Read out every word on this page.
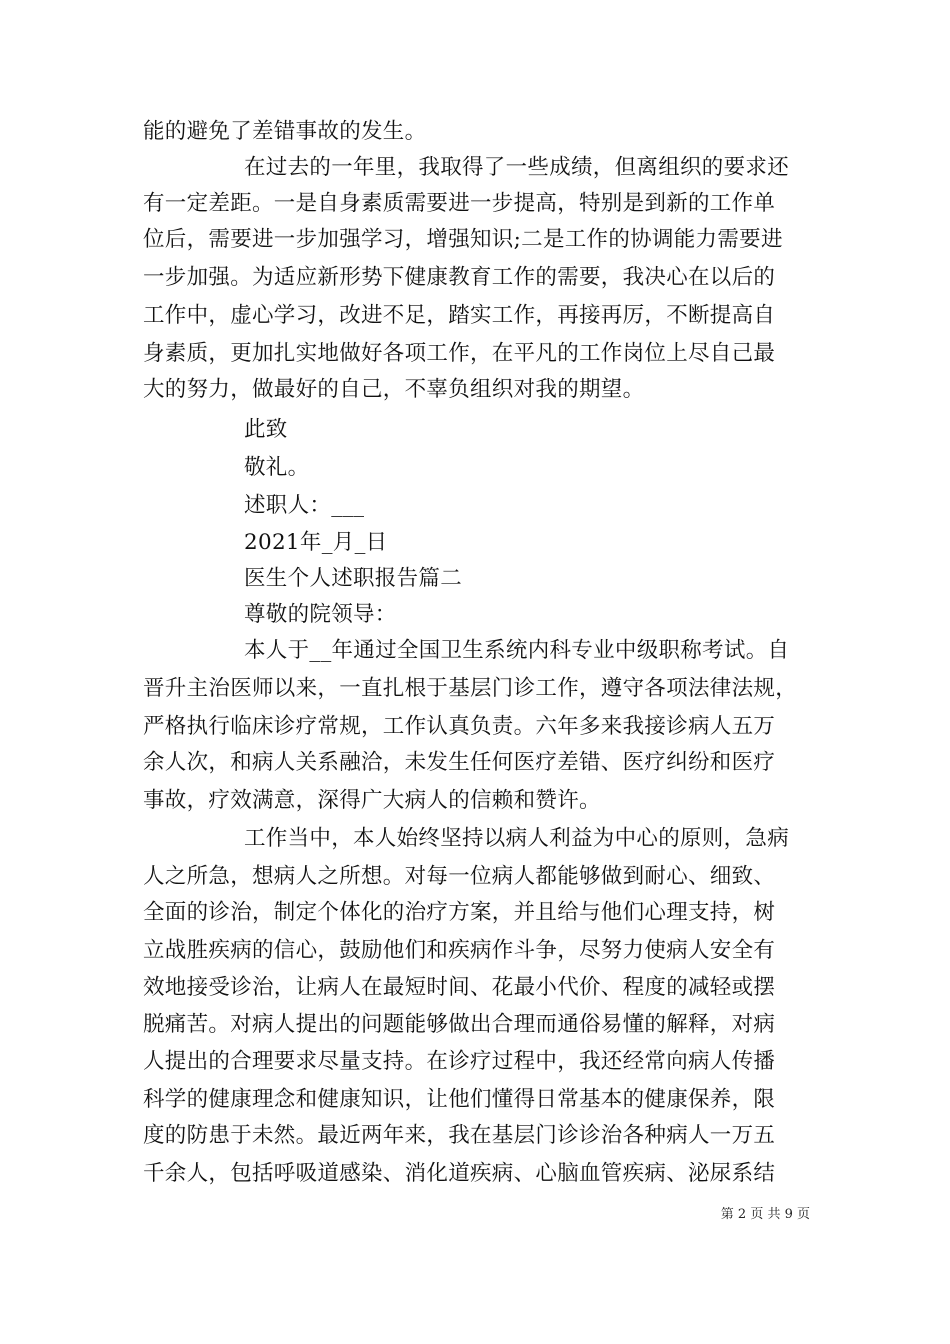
能的避免了差错事故的发生。
在过去的一年里，我取得了一些成绩，但离组织的要求还
有一定差距。一是自身素质需要进一步提高，特别是到新的工作单
位后，需要进一步加强学习，增强知识;二是工作的协调能力需要进
一步加强。为适应新形势下健康教育工作的需要，我决心在以后的
工作中，虚心学习，改进不足，踏实工作，再接再厉，不断提高自
身素质，更加扎实地做好各项工作，在平凡的工作岗位上尽自己最
大的努力，做最好的自己，不辜负组织对我的期望。
此致
敬礼。
述职人：___
2021年_月_日
医生个人述职报告篇二
尊敬的院领导：
本人于__年通过全国卫生系统内科专业中级职称考试。自
晋升主治医师以来，一直扎根于基层门诊工作，遵守各项法律法规，
严格执行临床诊疗常规，工作认真负责。六年多来我接诊病人五万
余人次，和病人关系融洽，未发生任何医疗差错、医疗纠纷和医疗
事故，疗效满意，深得广大病人的信赖和赞许。
工作当中，本人始终坚持以病人利益为中心的原则，急病
人之所急，想病人之所想。对每一位病人都能够做到耐心、细致、
全面的诊治，制定个体化的治疗方案，并且给与他们心理支持，树
立战胜疾病的信心，鼓励他们和疾病作斗争，尽努力使病人安全有
效地接受诊治，让病人在最短时间、花最小代价、程度的减轻或摆
脱痛苦。对病人提出的问题能够做出合理而通俗易懂的解释，对病
人提出的合理要求尽量支持。在诊疗过程中，我还经常向病人传播
科学的健康理念和健康知识，让他们懂得日常基本的健康保养，限
度的防患于未然。最近两年来，我在基层门诊诊治各种病人一万五
千余人，包括呼吸道感染、消化道疾病、心脑血管疾病、泌尿系结
第 2 页 共 9 页
